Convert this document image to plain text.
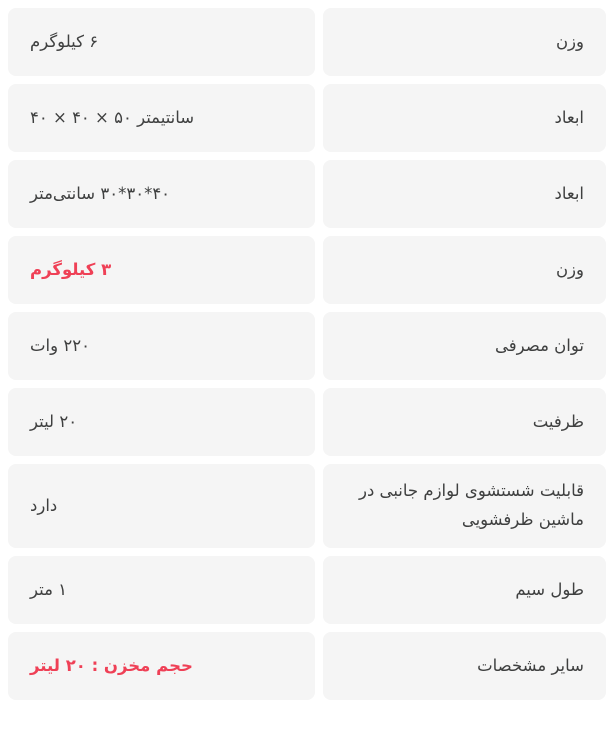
وزن
۶ کیلوگرم
ابعاد
سانتیمتر ۵۰ × ۴۰ × ۴۰
ابعاد
۴۰*۳۰*۳۰ سانتی‌متر
وزن
۳ کیلوگرم
توان مصرفی
۲۲۰ وات
ظرفیت
۲۰ لیتر
قابلیت شستشوی لوازم جانبی در ماشین ظرفشویی
دارد
طول سیم
۱ متر
سایر مشخصات
حجم مخزن : ۲۰ لیتر
